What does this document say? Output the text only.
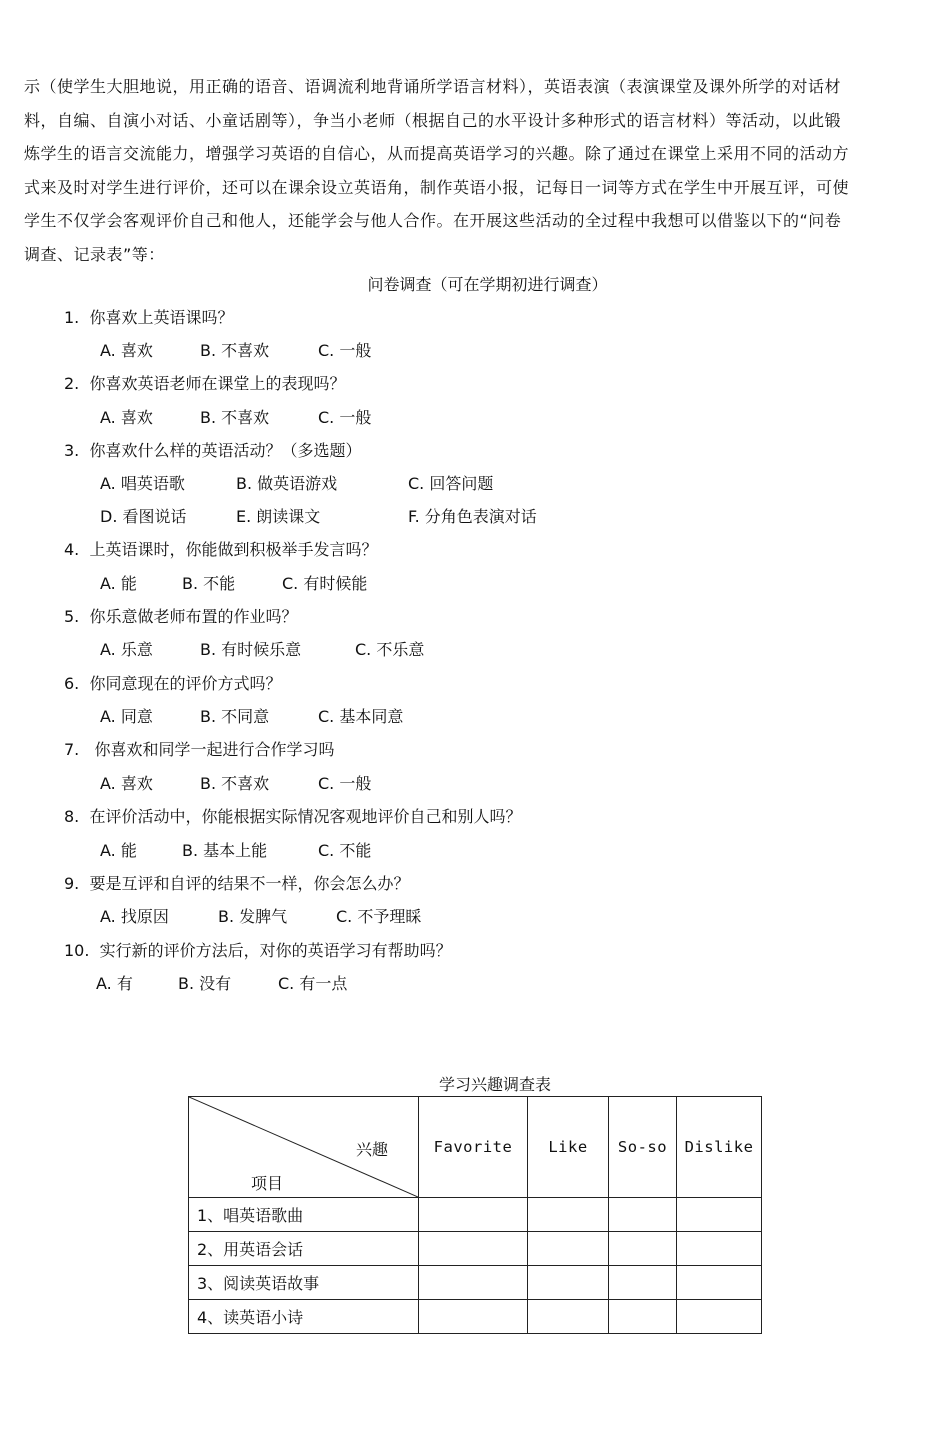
示（使学生大胆地说，用正确的语音、语调流利地背诵所学语言材料），英语表演（表演课堂及课外所学的对话材
料，自编、自演小对话、小童话剧等），争当小老师（根据自己的水平设计多种形式的语言材料）等活动，以此锻
炼学生的语言交流能力，增强学习英语的自信心，从而提高英语学习的兴趣。除了通过在课堂上采用不同的活动方
式来及时对学生进行评价，还可以在课余设立英语角，制作英语小报，记每日一词等方式在学生中开展互评，可使
学生不仅学会客观评价自己和他人，还能学会与他人合作。在开展这些活动的全过程中我想可以借鉴以下的“问卷
调查、记录表”等：
问卷调查（可在学期初进行调查）
1.  你喜欢上英语课吗？
A. 喜欢	B. 不喜欢	C. 一般
2.  你喜欢英语老师在课堂上的表现吗？
A. 喜欢	B. 不喜欢	C. 一般
3.  你喜欢什么样的英语活动？（多选题）
A. 唱英语歌	B. 做英语游戏	C. 回答问题
D. 看图说话	E. 朗读课文	F. 分角色表演对话
4.  上英语课时，你能做到积极举手发言吗？
A. 能	B. 不能	C. 有时候能
5.  你乐意做老师布置的作业吗？
A. 乐意	B. 有时候乐意	C. 不乐意
6.  你同意现在的评价方式吗？
A. 同意	B. 不同意	C. 基本同意
7.   你喜欢和同学一起进行合作学习吗
A. 喜欢	B. 不喜欢	C. 一般
8.  在评价活动中，你能根据实际情况客观地评价自己和别人吗？
A. 能	B. 基本上能	C. 不能
9.  要是互评和自评的结果不一样，你会怎么办？
A. 找原因	B. 发脾气	C. 不予理睬
10.  实行新的评价方法后，对你的英语学习有帮助吗？
A. 有	B. 没有	C. 有一点
学习兴趣调查表
兴趣
项目	Favorite	Like	So-so	Dislike
1、唱英语歌曲				
2、用英语会话				
3、阅读英语故事				
4、读英语小诗				
